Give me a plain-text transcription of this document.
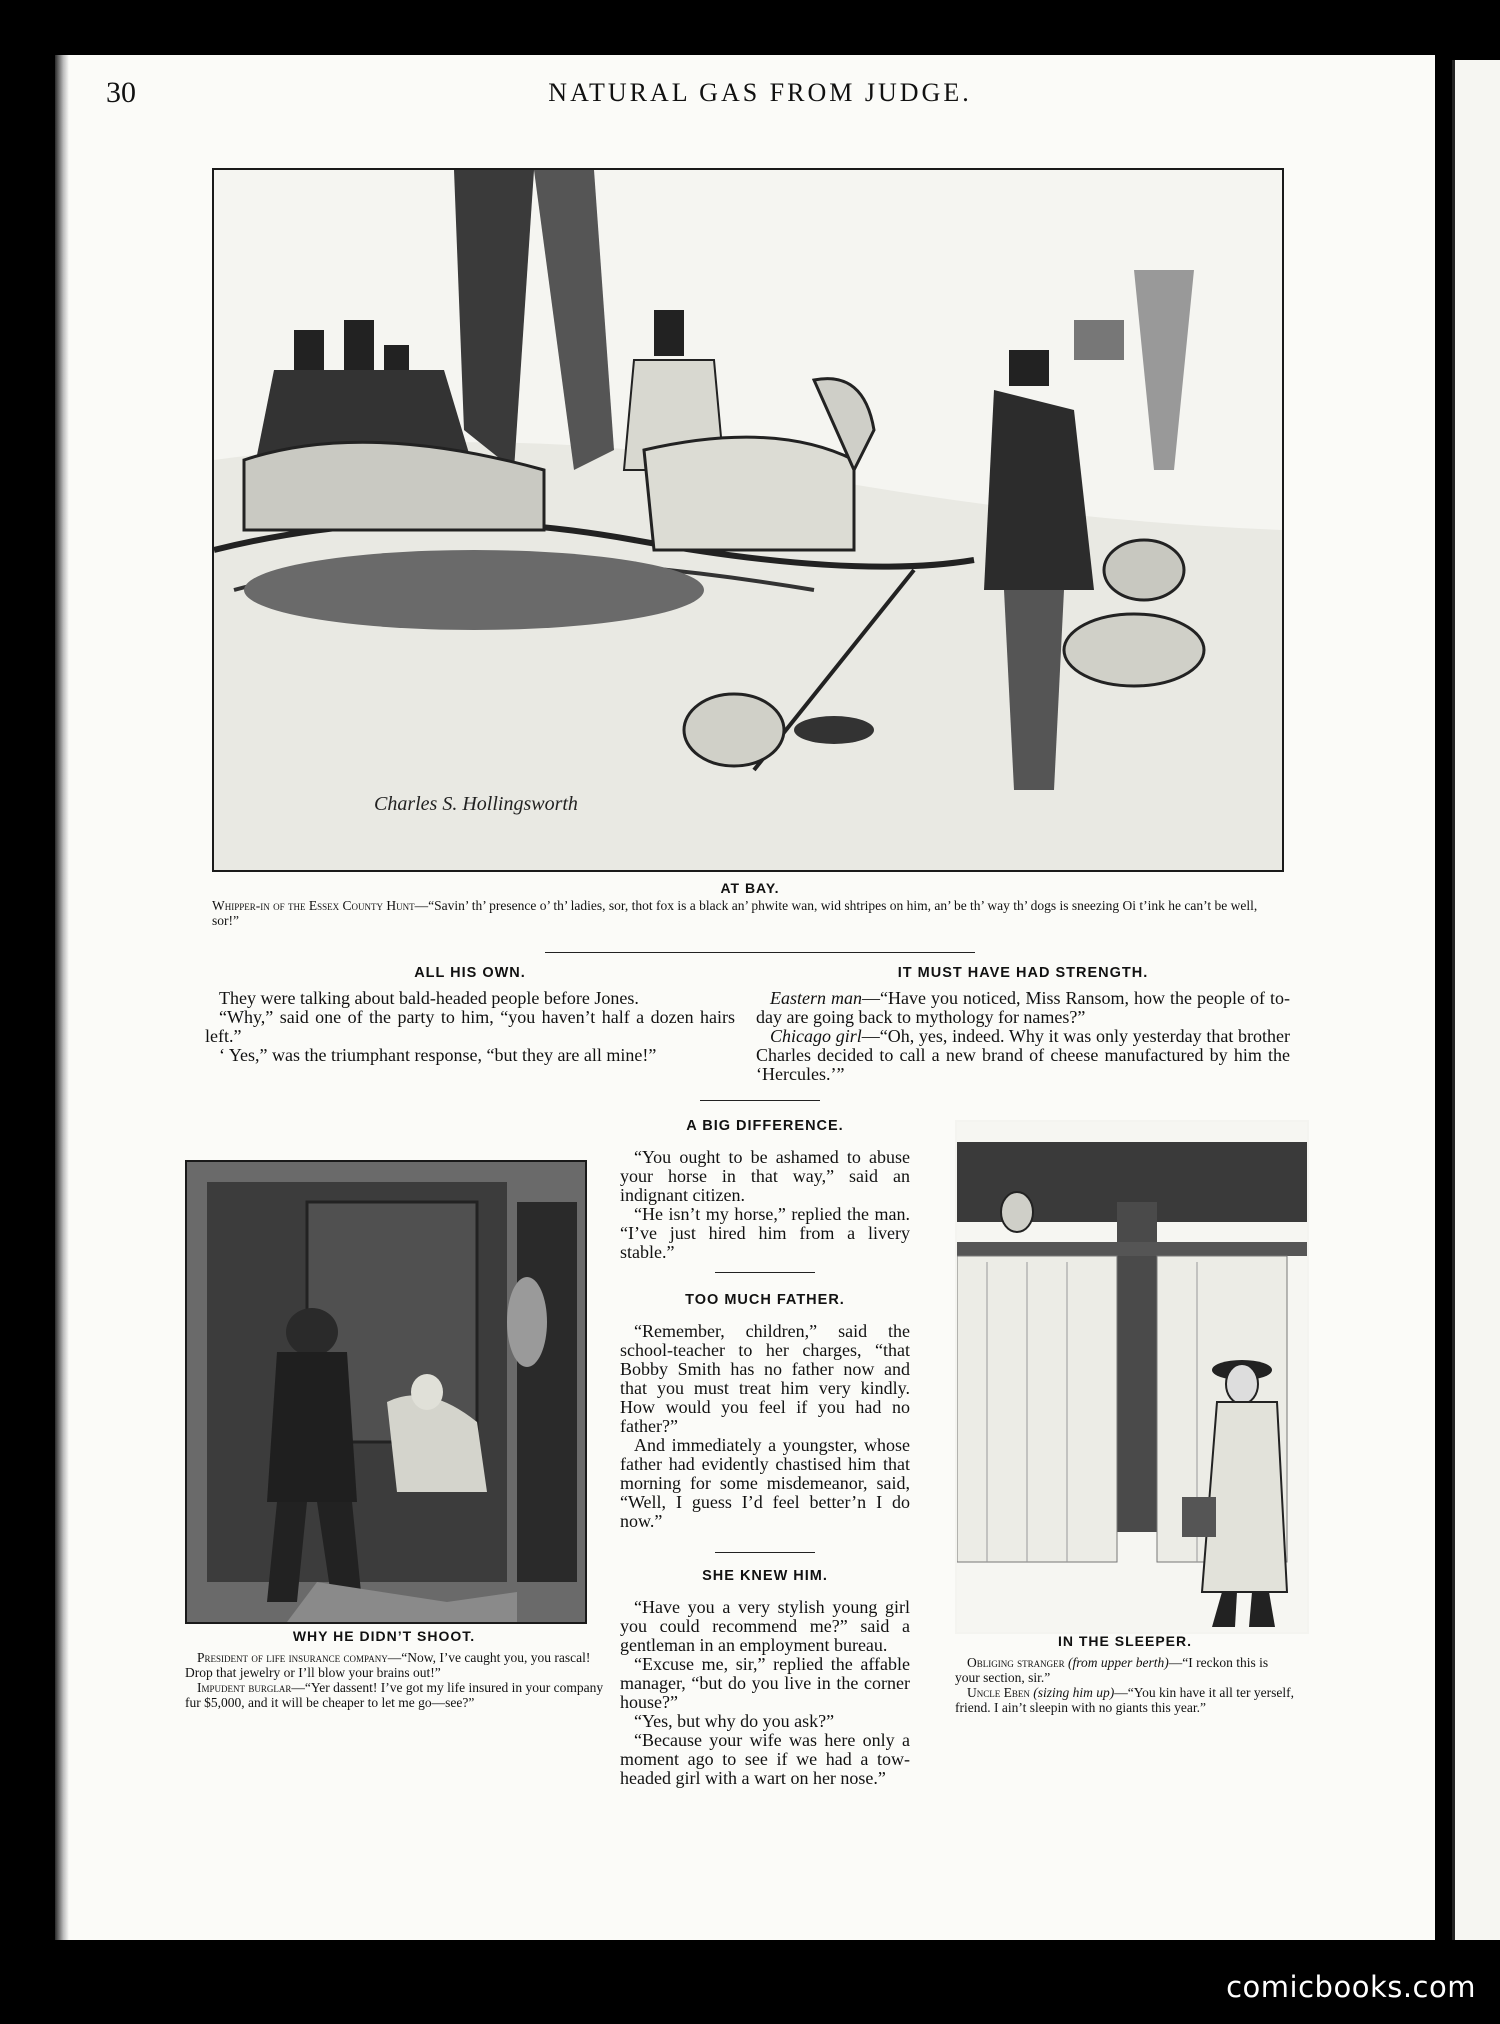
30	NATURAL GAS FROM JUDGE.
Charles S. Hollingsworth
AT BAY.
Whipper-in of the Essex County Hunt—“Savin’ th’ presence o’ th’ ladies, sor, thot fox is a black an’ phwite wan, wid shtripes on him, an’ be th’ way th’ dogs is sneezing Oi t’ink he can’t be well, sor!”
ALL HIS OWN.

They were talking about bald-headed people before Jones.

“Why,” said one of the party to him, “you haven’t half a dozen hairs left.”

‘ Yes,” was the triumphant response, “but they are all mine!”

IT MUST HAVE HAD STRENGTH.

Eastern man—“Have you noticed, Miss Ransom, how the people of to-day are going back to mythology for names?”

Chicago girl—“Oh, yes, indeed. Why it was only yesterday that brother Charles decided to call a new brand of cheese manufactured by him the ‘Hercules.’”

A BIG DIFFERENCE.

“You ought to be ashamed to abuse your horse in that way,” said an indignant citizen.

“He isn’t my horse,” replied the man. “I’ve just hired him from a livery stable.”

TOO MUCH FATHER.

“Remember, children,” said the school-teacher to her charges, “that Bobby Smith has no father now and that you must treat him very kindly. How would you feel if you had no father?”

And immediately a youngster, whose father had evidently chastised him that morning for some misdemeanor, said, “Well, I guess I’d feel better’n I do now.”

SHE KNEW HIM.

“Have you a very stylish young girl you could recommend me?” said a gentleman in an employment bureau.

“Excuse me, sir,” replied the affable manager, “but do you live in the corner house?”

“Yes, but why do you ask?”

“Because your wife was here only a moment ago to see if we had a tow-headed girl with a wart on her nose.”

WHY HE DIDN’T SHOOT.

President of life insurance company—“Now, I’ve caught you, you rascal! Drop that jewelry or I’ll blow your brains out!”

Impudent burglar—“Yer dassent! I’ve got my life insured in your company fur $5,000, and it will be cheaper to let me go—see?”

IN THE SLEEPER.

Obliging stranger (from upper berth)—“I reckon this is your section, sir.”

Uncle Eben (sizing him up)—“You kin have it all ter yerself, friend. I ain’t sleepin with no giants this year.”

comicbooks.com
